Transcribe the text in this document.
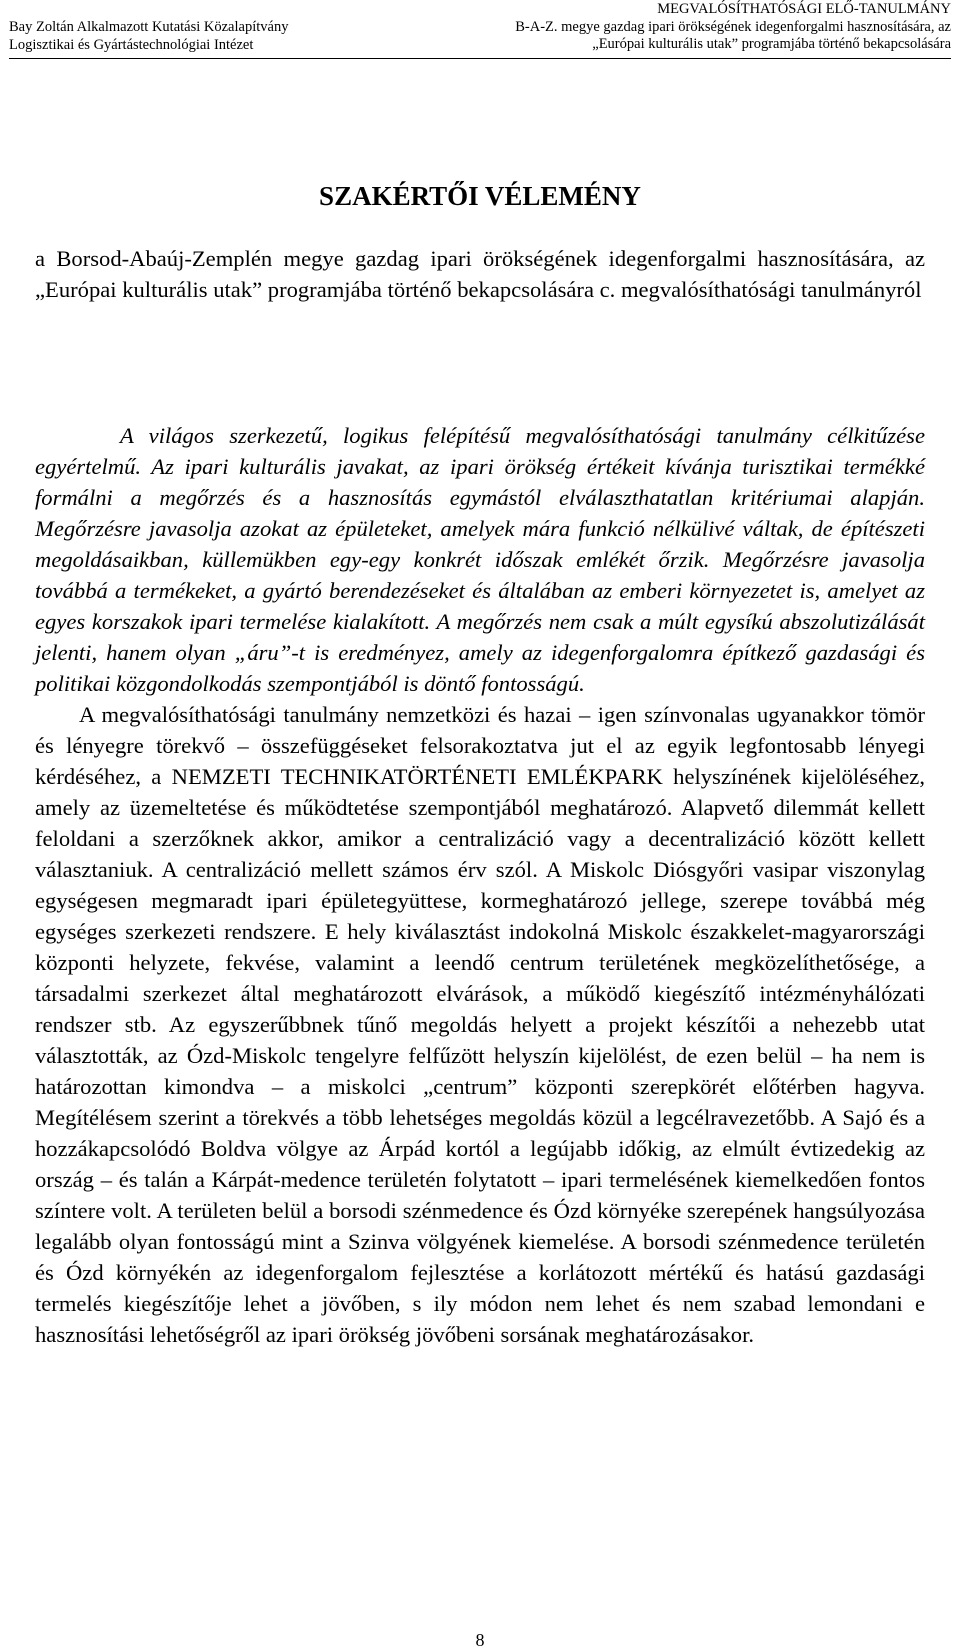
Bay Zoltán Alkalmazott Kutatási Közalapítvány
Logisztikai és Gyártástechnológiai Intézet
MEGVALÓSÍTHATÓSÁGI ELŐ-TANULMÁNY
B-A-Z. megye gazdag ipari örökségének idegenforgalmi hasznosítására, az
„Európai kulturális utak” programjába történő bekapcsolására
SZAKÉRTŐI VÉLEMÉNY

a Borsod-Abaúj-Zemplén megye gazdag ipari örökségének idegenforgalmi hasznosítására, az „Európai kulturális utak” programjába történő bekapcsolására c. megvalósíthatósági tanulmányról

A világos szerkezetű, logikus felépítésű megvalósíthatósági tanulmány célkitűzése egyértelmű. Az ipari kulturális javakat, az ipari örökség értékeit kívánja turisztikai termékké formálni a megőrzés és a hasznosítás egymástól elválaszthatatlan kritériumai alapján. Megőrzésre javasolja azokat az épületeket, amelyek mára funkció nélkülivé váltak, de építészeti megoldásaikban, küllemükben egy-egy konkrét időszak emlékét őrzik. Megőrzésre javasolja továbbá a termékeket, a gyártó berendezéseket és általában az emberi környezetet is, amelyet az egyes korszakok ipari termelése kialakított. A megőrzés nem csak a múlt egysíkú abszolutizálását jelenti, hanem olyan „áru”-t is eredményez, amely az idegenforgalomra építkező gazdasági és politikai közgondolkodás szempontjából is döntő fontosságú.
A megvalósíthatósági tanulmány nemzetközi és hazai – igen színvonalas ugyanakkor tömör és lényegre törekvő – összefüggéseket felsorakoztatva jut el az egyik legfontosabb lényegi kérdéséhez, a NEMZETI TECHNIKATÖRTÉNETI EMLÉKPARK helyszínének kijelöléséhez, amely az üzemeltetése és működtetése szempontjából meghatározó. Alapvető dilemmát kellett feloldani a szerzőknek akkor, amikor a centralizáció vagy a decentralizáció között kellett választaniuk. A centralizáció mellett számos érv szól. A Miskolc Diósgyőri vasipar viszonylag egységesen megmaradt ipari épületegyüttese, kormeghatározó jellege, szerepe továbbá még egységes szerkezeti rendszere. E hely kiválasztást indokolná Miskolc északkelet-magyarországi központi helyzete, fekvése, valamint a leendő centrum területének megközelíthetősége, a társadalmi szerkezet által meghatározott elvárások, a működő kiegészítő intézményhálózati rendszer stb. Az egyszerűbbnek tűnő megoldás helyett a projekt készítői a nehezebb utat választották, az Ózd-Miskolc tengelyre felfűzött helyszín kijelölést, de ezen belül – ha nem is határozottan kimondva – a miskolci „centrum” központi szerepkörét előtérben hagyva. Megítélésem szerint a törekvés a több lehetséges megoldás közül a legcélravezetőbb. A Sajó és a hozzákapcsolódó Boldva völgye az Árpád kortól a legújabb időkig, az elmúlt évtizedekig az ország – és talán a Kárpát-medence területén folytatott – ipari termelésének kiemelkedően fontos színtere volt. A területen belül a borsodi szénmedence és Ózd környéke szerepének hangsúlyozása legalább olyan fontosságú mint a Szinva völgyének kiemelése. A borsodi szénmedence területén és Ózd környékén az idegenforgalom fejlesztése a korlátozott mértékű és hatású gazdasági termelés kiegészítője lehet a jövőben, s ily módon nem lehet és nem szabad lemondani e hasznosítási lehetőségről az ipari örökség jövőbeni sorsának meghatározásakor.
8
